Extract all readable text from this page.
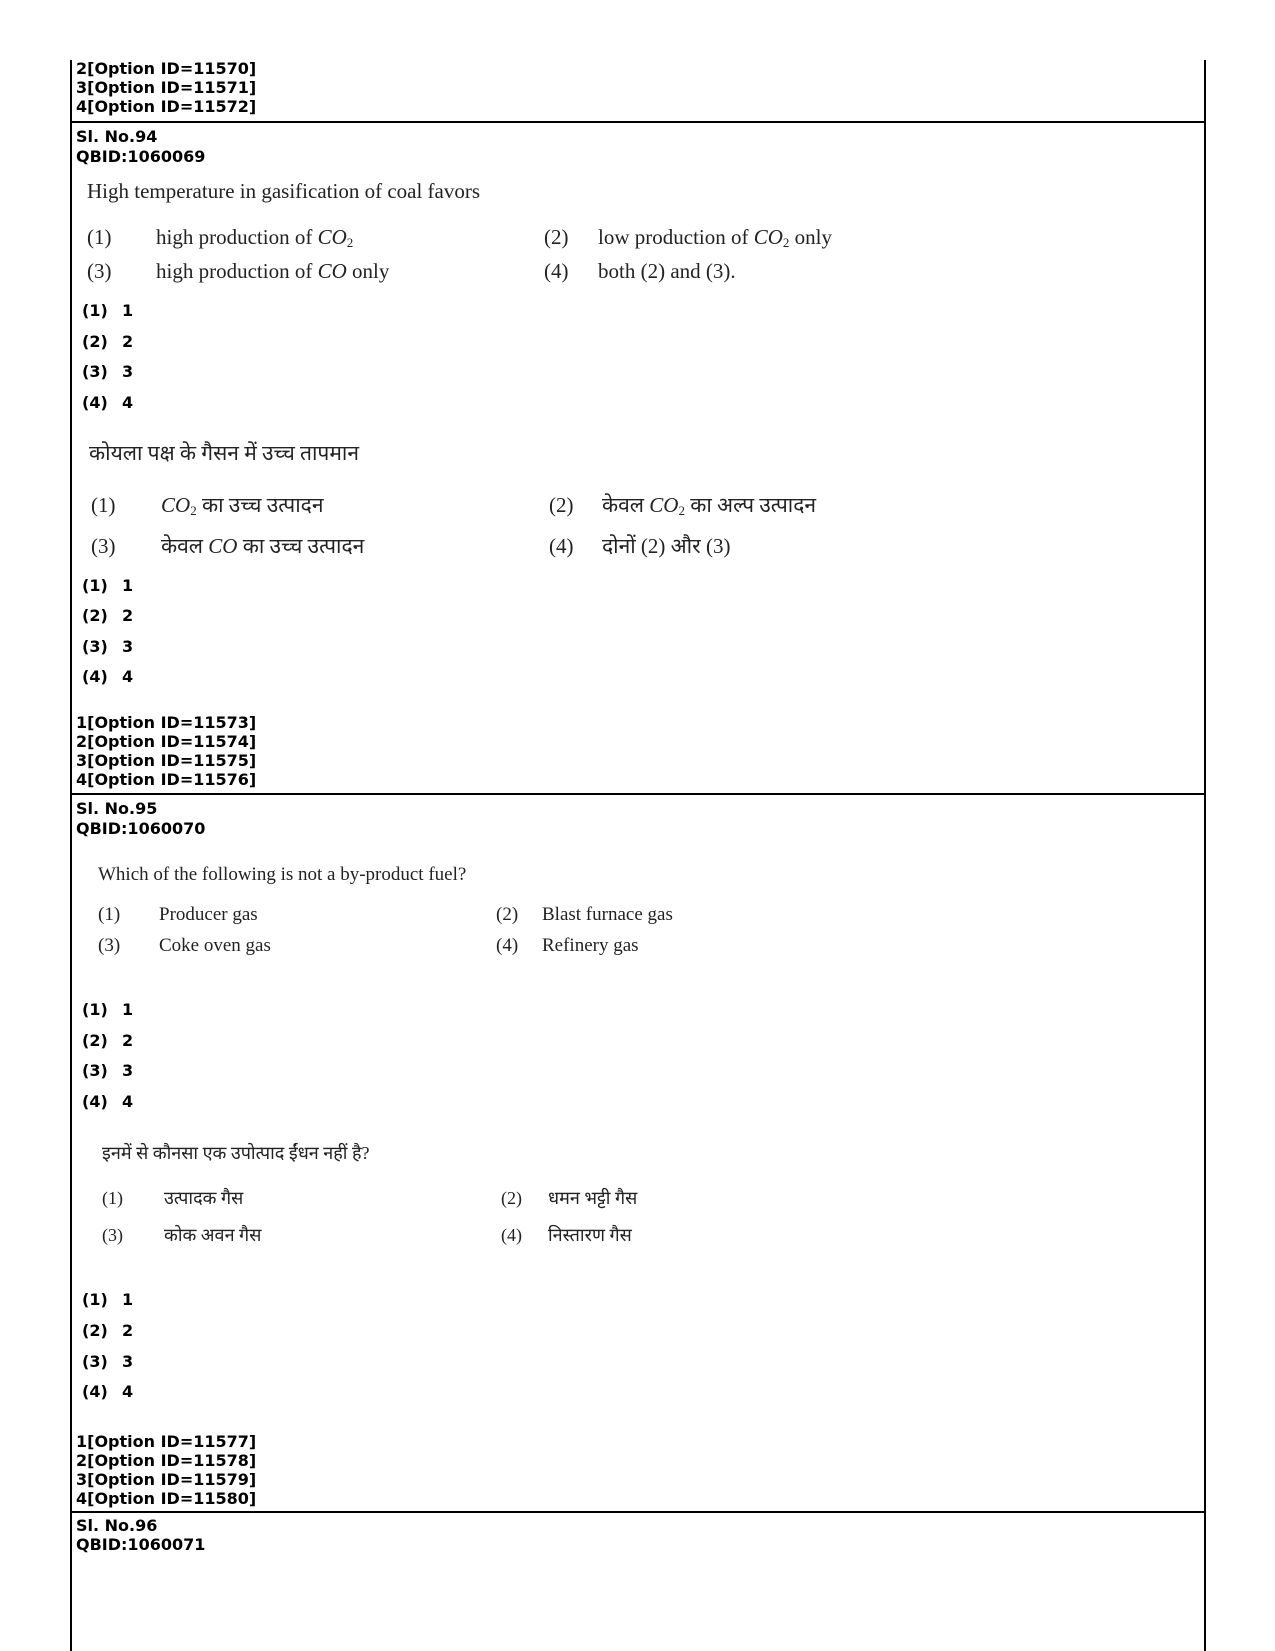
2[Option ID=11570]
3[Option ID=11571]
4[Option ID=11572]
Sl. No.94
QBID:1060069
High temperature in gasification of coal favors
(1) high production of $CO_2$	(2) low production of $CO_2$ only
(3) high production of CO only	(4) both (2) and (3).
(1) 1
(2) 2
(3) 3
(4) 4
कोयला पक्ष के गैसन में उच्च तापमान
(1) $CO_2$ का उच्च उत्पादन	(2) केवल $CO_2$ का अल्प उत्पादन
(3) केवल CO का उच्च उत्पादन	(4) दोनों (2) और (3)
(1) 1
(2) 2
(3) 3
(4) 4
1[Option ID=11573]
2[Option ID=11574]
3[Option ID=11575]
4[Option ID=11576]
Sl. No.95
QBID:1060070
Which of the following is not a by-product fuel?
(1) Producer gas	(2) Blast furnace gas
(3) Coke oven gas	(4) Refinery gas
(1) 1
(2) 2
(3) 3
(4) 4
इनमें से कौनसा एक उपोत्पाद ईंधन नहीं है?
(1) उत्पादक गैस	(2) धमन भट्टी गैस
(3) कोक अवन गैस	(4) निस्तारण गैस
(1) 1
(2) 2
(3) 3
(4) 4
1[Option ID=11577]
2[Option ID=11578]
3[Option ID=11579]
4[Option ID=11580]
Sl. No.96
QBID:1060071
